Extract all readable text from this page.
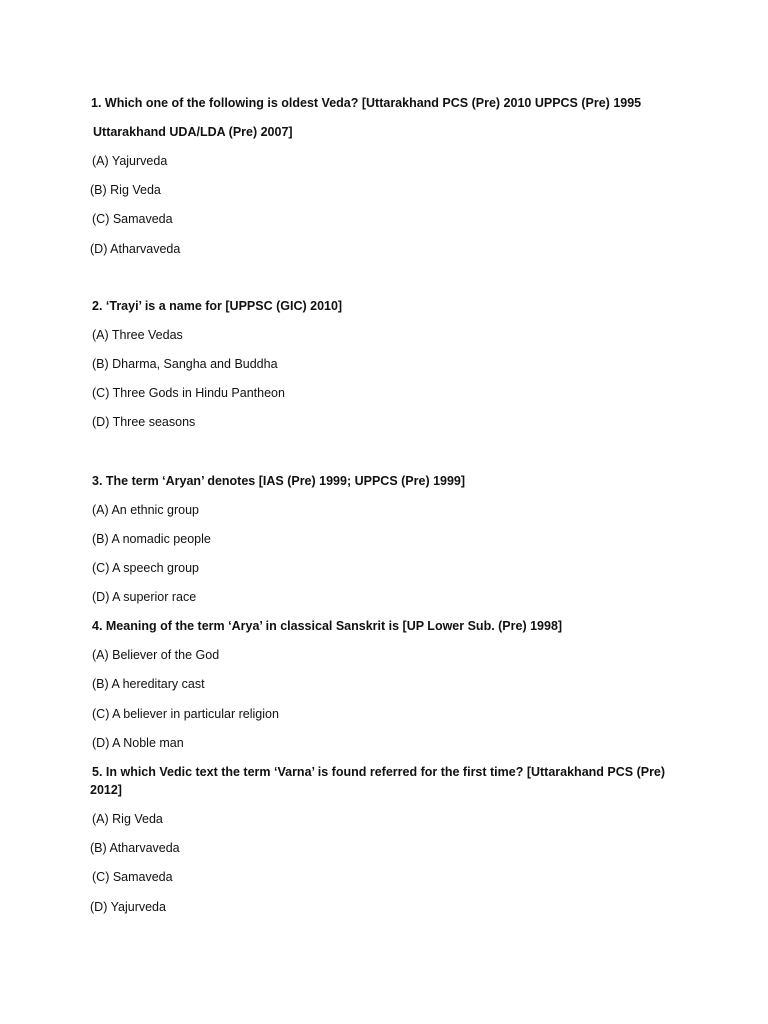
1. Which one of the following is oldest Veda? [Uttarakhand PCS (Pre) 2010 UPPCS (Pre) 1995
Uttarakhand UDA/LDA (Pre) 2007]
(A) Yajurveda
(B) Rig Veda
(C) Samaveda
(D) Atharvaveda
2. ‘Trayi’ is a name for [UPPSC (GIC) 2010]
(A) Three Vedas
(B) Dharma, Sangha and Buddha
(C) Three Gods in Hindu Pantheon
(D) Three seasons
3. The term ‘Aryan’ denotes [IAS (Pre) 1999; UPPCS (Pre) 1999]
(A) An ethnic group
(B) A nomadic people
(C) A speech group
(D) A superior race
4. Meaning of the term ‘Arya’ in classical Sanskrit is [UP Lower Sub. (Pre) 1998]
(A) Believer of the God
(B) A hereditary cast
(C) A believer in particular religion
(D) A Noble man
5. In which Vedic text the term ‘Varna’ is found referred for the first time? [Uttarakhand PCS (Pre)
2012]
(A) Rig Veda
(B) Atharvaveda
(C) Samaveda
(D) Yajurveda
